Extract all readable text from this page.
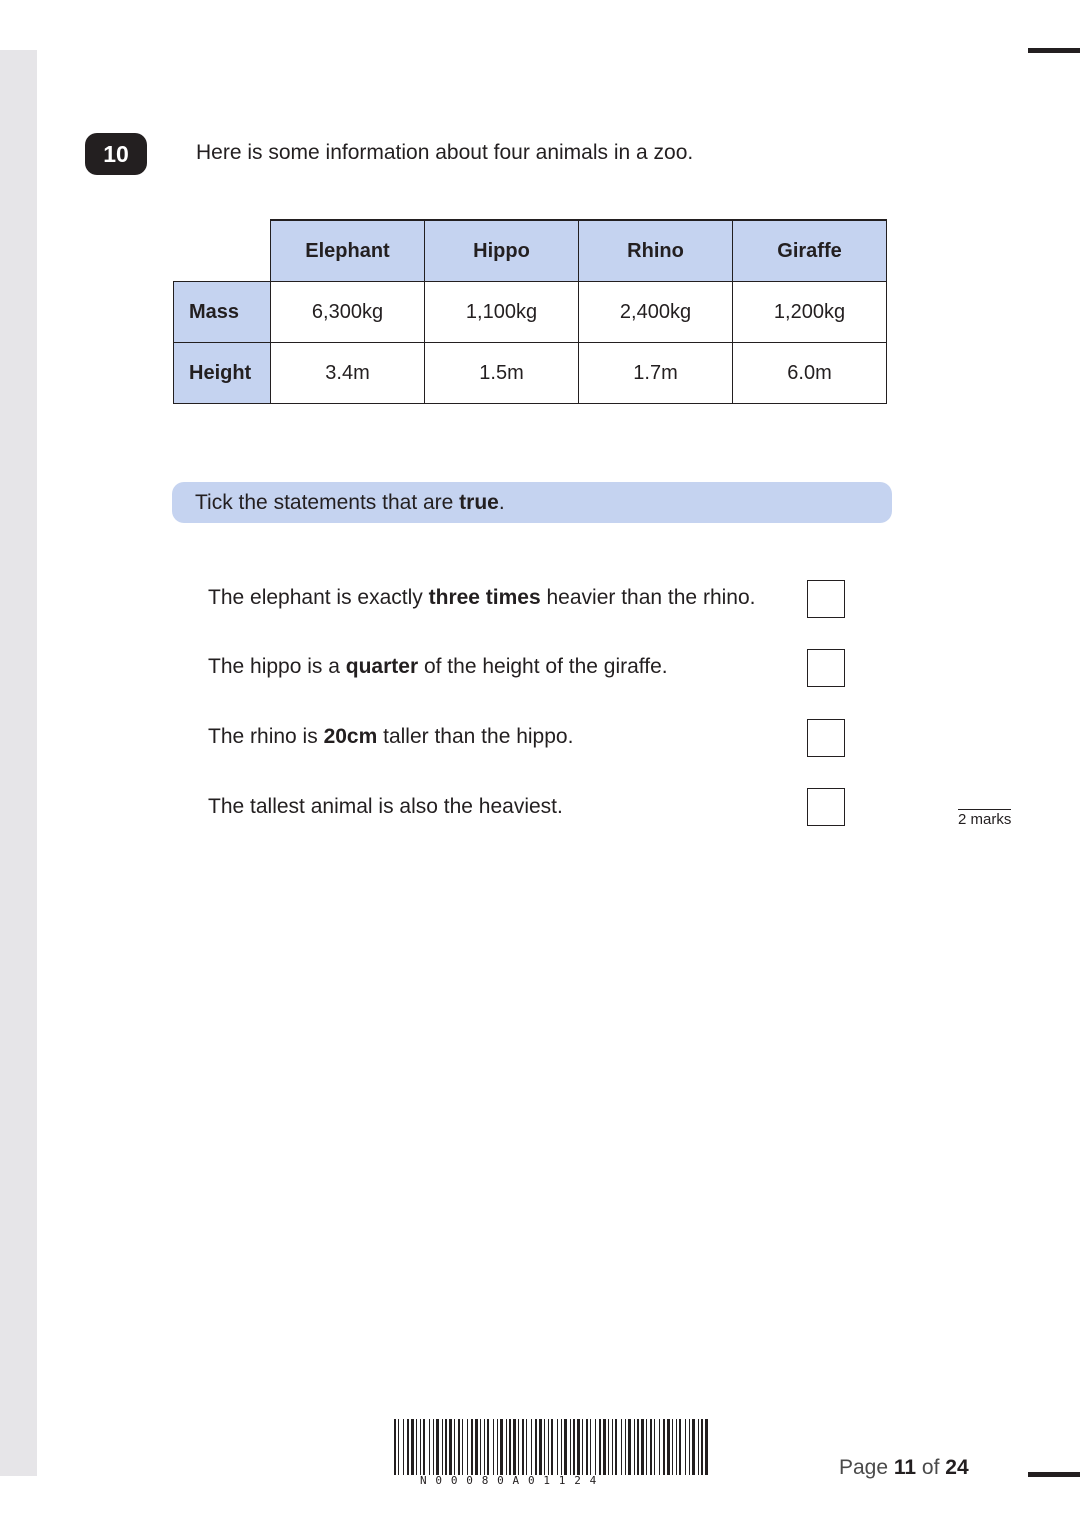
10	Here is some information about four animals in a zoo.
	Elephant	Hippo	Rhino	Giraffe
Mass	6,300kg	1,100kg	2,400kg	1,200kg
Height	3.4m	1.5m	1.7m	6.0m
Tick the statements that are true.
The elephant is exactly three times heavier than the rhino.
The hippo is a quarter of the height of the giraffe.
The rhino is 20cm taller than the hippo.
The tallest animal is also the heaviest.
2 marks
N00080A01124
Page 11 of 24
